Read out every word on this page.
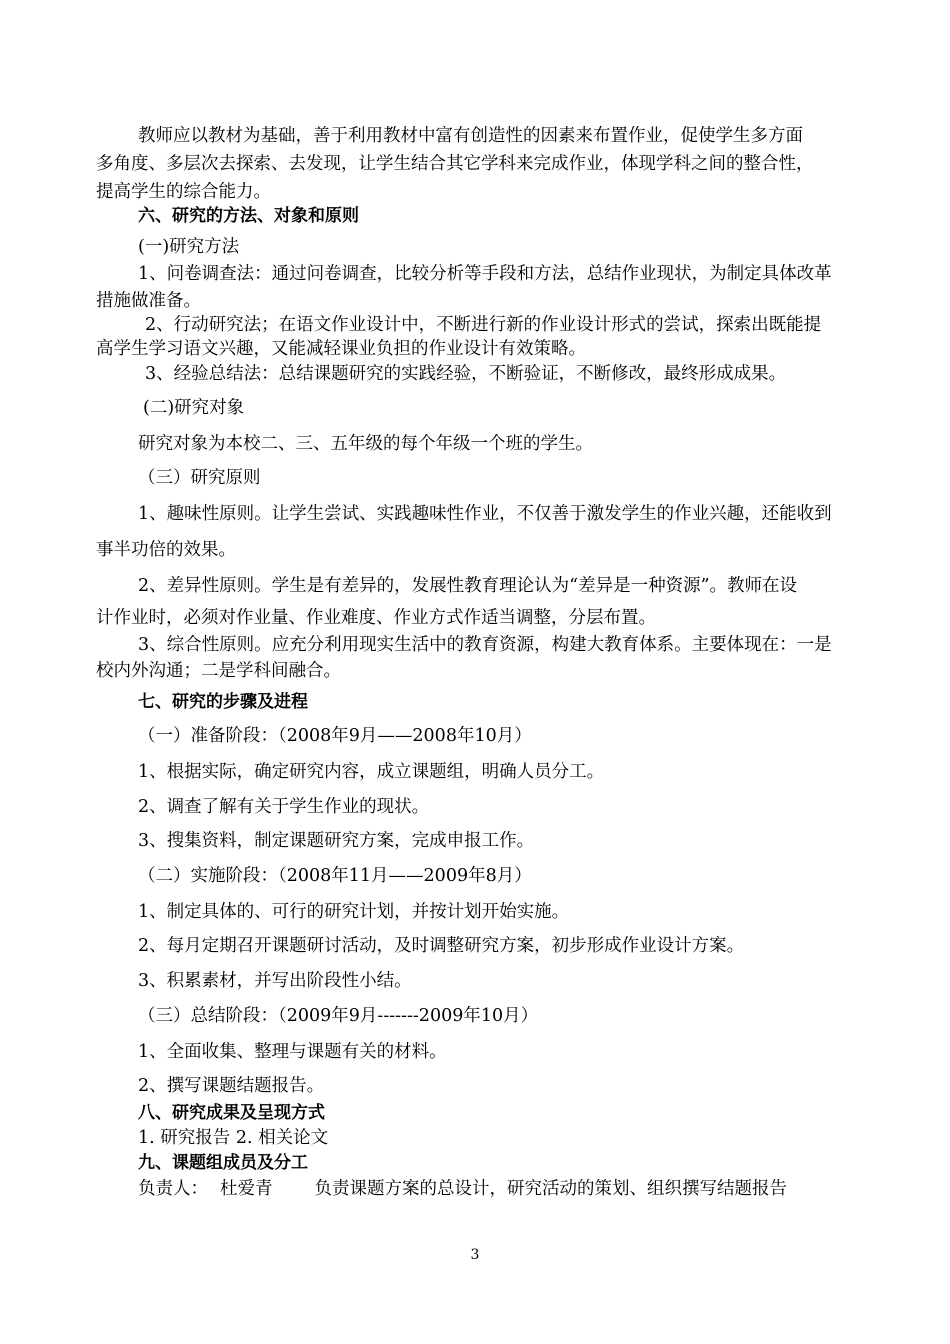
教师应以教材为基础，善于利用教材中富有创造性的因素来布置作业，促使学生多方面

多角度、多层次去探索、去发现，让学生结合其它学科来完成作业，体现学科之间的整合性，

提高学生的综合能力。

六、研究的方法、对象和原则

(一)研究方法

1、问卷调查法：通过问卷调查，比较分析等手段和方法，总结作业现状，为制定具体改革

措施做准备。

2、行动研究法；在语文作业设计中，不断进行新的作业设计形式的尝试，探索出既能提

高学生学习语文兴趣，又能减轻课业负担的作业设计有效策略。

3、经验总结法：总结课题研究的实践经验，不断验证，不断修改，最终形成成果。

(二)研究对象

研究对象为本校二、三、五年级的每个年级一个班的学生。

（三）研究原则

1、趣味性原则。让学生尝试、实践趣味性作业，不仅善于激发学生的作业兴趣，还能收到

事半功倍的效果。

2、差异性原则。学生是有差异的，发展性教育理论认为“差异是一种资源”。教师在设

计作业时，必须对作业量、作业难度、作业方式作适当调整，分层布置。

3、综合性原则。应充分利用现实生活中的教育资源，构建大教育体系。主要体现在：一是

校内外沟通；二是学科间融合。

七、研究的步骤及进程

（一）准备阶段：（2008年9月——2008年10月）

1、根据实际，确定研究内容，成立课题组，明确人员分工。

2、调查了解有关于学生作业的现状。

3、搜集资料，制定课题研究方案，完成申报工作。

（二）实施阶段：（2008年11月——2009年8月）

1、制定具体的、可行的研究计划，并按计划开始实施。

2、每月定期召开课题研讨活动，及时调整研究方案，初步形成作业设计方案。

3、积累素材，并写出阶段性小结。

（三）总结阶段：（2009年9月-------2009年10月）

1、全面收集、整理与课题有关的材料。

2、撰写课题结题报告。

八、研究成果及呈现方式

1. 研究报告 2. 相关论文

九、课题组成员及分工

负责人： 杜爱青 负责课题方案的总设计，研究活动的策划、组织撰写结题报告

3
